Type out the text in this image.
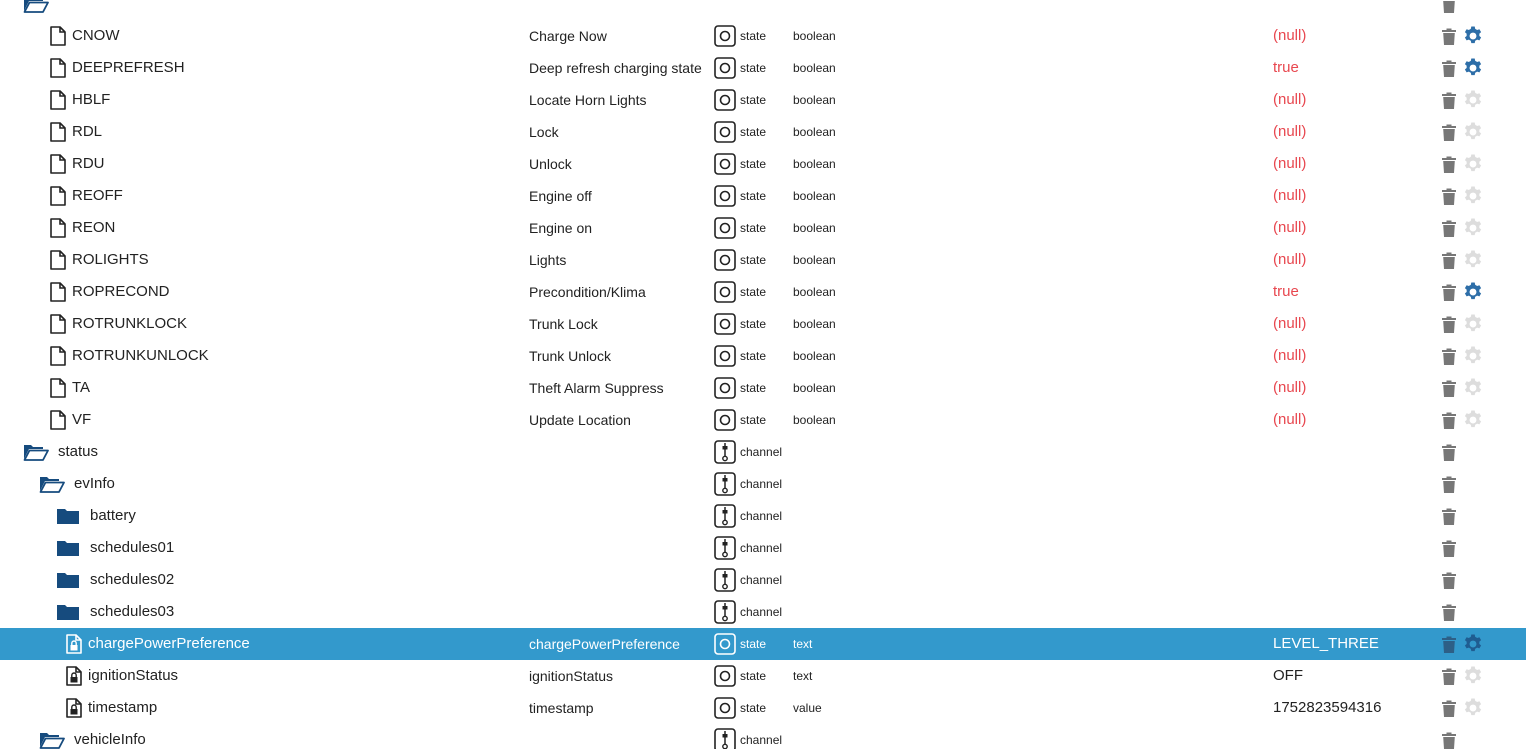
CNOW	Charge Now	state	boolean	(null)
DEEPREFRESH	Deep refresh charging state	state	boolean	true
HBLF	Locate Horn Lights	state	boolean	(null)
RDL	Lock	state	boolean	(null)
RDU	Unlock	state	boolean	(null)
REOFF	Engine off	state	boolean	(null)
REON	Engine on	state	boolean	(null)
ROLIGHTS	Lights	state	boolean	(null)
ROPRECOND	Precondition/Klima	state	boolean	true
ROTRUNKLOCK	Trunk Lock	state	boolean	(null)
ROTRUNKUNLOCK	Trunk Unlock	state	boolean	(null)
TA	Theft Alarm Suppress	state	boolean	(null)
VF	Update Location	state	boolean	(null)
status	channel
evInfo	channel
battery	channel
schedules01	channel
schedules02	channel
schedules03	channel
chargePowerPreference	chargePowerPreference	state	text	LEVEL_THREE
ignitionStatus	ignitionStatus	state	text	OFF
timestamp	timestamp	state	value	1752823594316
vehicleInfo	channel
